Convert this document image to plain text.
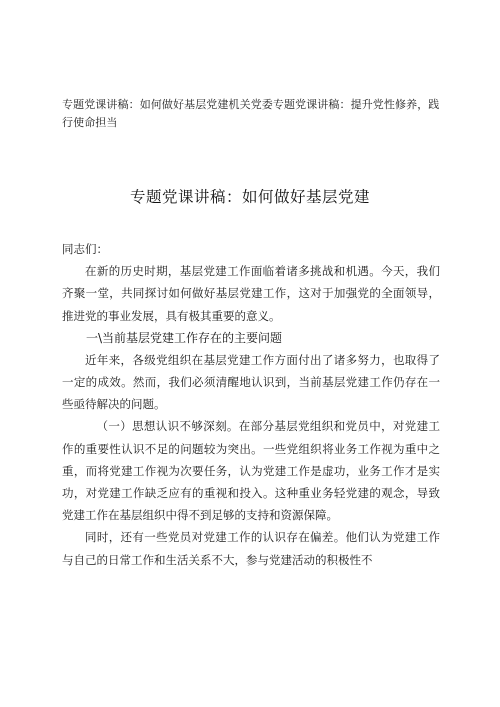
专题党课讲稿：如何做好基层党建机关党委专题党课讲稿：提升党性修养，践行使命担当
专题党课讲稿：如何做好基层党建

同志们：

在新的历史时期，基层党建工作面临着诸多挑战和机遇。今天，我们齐聚一堂，共同探讨如何做好基层党建工作，这对于加强党的全面领导，推进党的事业发展，具有极其重要的意义。

一\当前基层党建工作存在的主要问题

近年来，各级党组织在基层党建工作方面付出了诸多努力，也取得了一定的成效。然而，我们必须清醒地认识到，当前基层党建工作仍存在一些亟待解决的问题。

（一）思想认识不够深刻。在部分基层党组织和党员中，对党建工作的重要性认识不足的问题较为突出。一些党组织将业务工作视为重中之重，而将党建工作视为次要任务，认为党建工作是虚功，业务工作才是实功，对党建工作缺乏应有的重视和投入。这种重业务轻党建的观念，导致党建工作在基层组织中得不到足够的支持和资源保障。

同时，还有一些党员对党建工作的认识存在偏差。他们认为党建工作与自己的日常工作和生活关系不大，参与党建活动的积极性不
